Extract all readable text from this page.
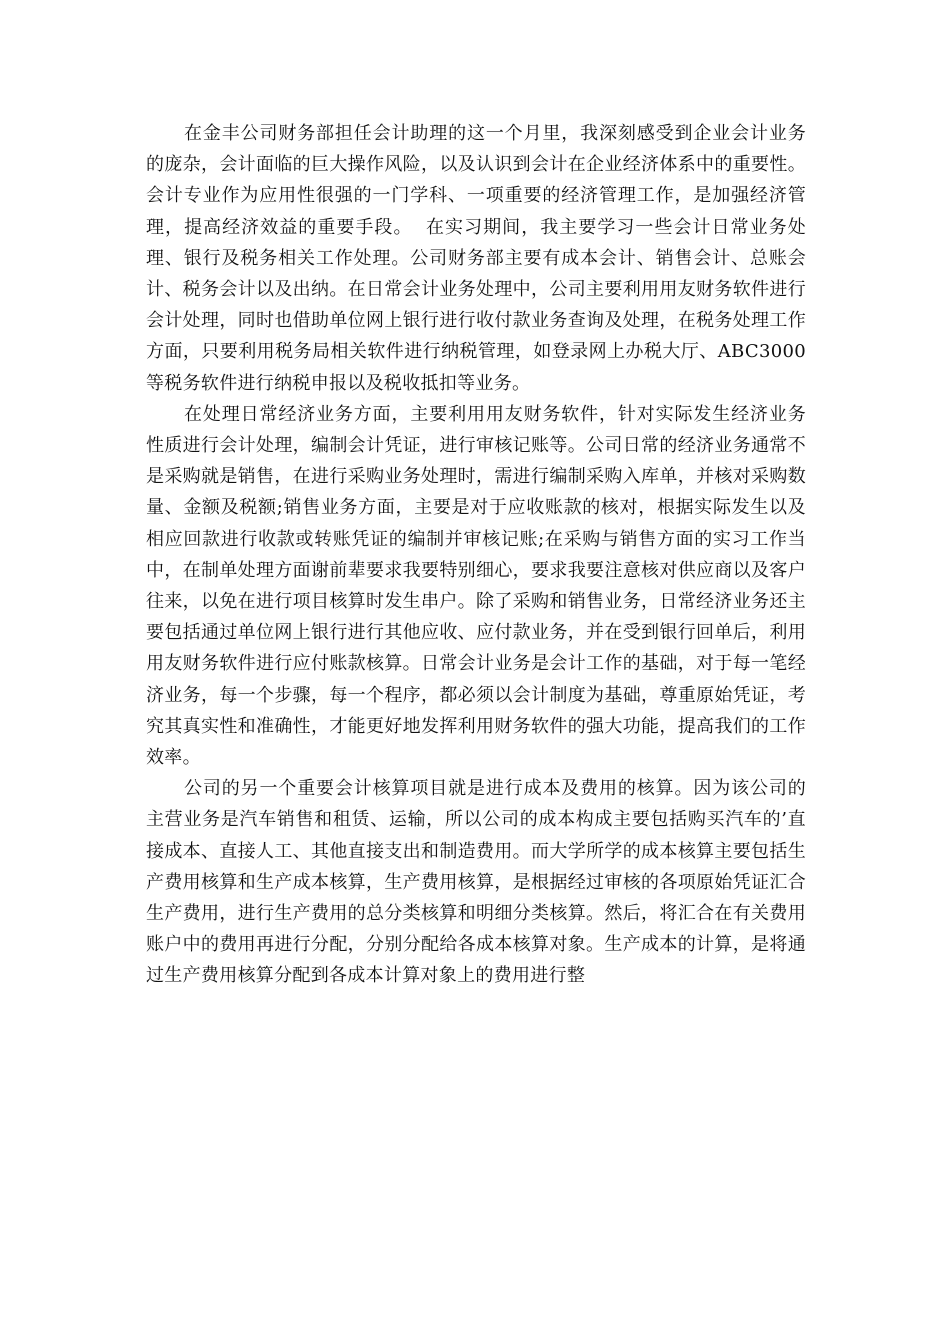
在金丰公司财务部担任会计助理的这一个月里，我深刻感受到企业会计业务的庞杂，会计面临的巨大操作风险，以及认识到会计在企业经济体系中的重要性。会计专业作为应用性很强的一门学科、一项重要的经济管理工作，是加强经济管理，提高经济效益的重要手段。  在实习期间，我主要学习一些会计日常业务处理、银行及税务相关工作处理。公司财务部主要有成本会计、销售会计、总账会计、税务会计以及出纳。在日常会计业务处理中，公司主要利用用友财务软件进行会计处理，同时也借助单位网上银行进行收付款业务查询及处理，在税务处理工作方面，只要利用税务局相关软件进行纳税管理，如登录网上办税大厅、ABC3000等税务软件进行纳税申报以及税收抵扣等业务。

在处理日常经济业务方面，主要利用用友财务软件，针对实际发生经济业务性质进行会计处理，编制会计凭证，进行审核记账等。公司日常的经济业务通常不是采购就是销售，在进行采购业务处理时，需进行编制采购入库单，并核对采购数量、金额及税额;销售业务方面，主要是对于应收账款的核对，根据实际发生以及相应回款进行收款或转账凭证的编制并审核记账;在采购与销售方面的实习工作当中，在制单处理方面谢前辈要求我要特别细心，要求我要注意核对供应商以及客户往来，以免在进行项目核算时发生串户。除了采购和销售业务，日常经济业务还主要包括通过单位网上银行进行其他应收、应付款业务，并在受到银行回单后，利用用友财务软件进行应付账款核算。日常会计业务是会计工作的基础，对于每一笔经济业务，每一个步骤，每一个程序，都必须以会计制度为基础，尊重原始凭证，考究其真实性和准确性，才能更好地发挥利用财务软件的强大功能，提高我们的工作效率。

公司的另一个重要会计核算项目就是进行成本及费用的核算。因为该公司的主营业务是汽车销售和租赁、运输，所以公司的成本构成主要包括购买汽车的’直接成本、直接人工、其他直接支出和制造费用。而大学所学的成本核算主要包括生产费用核算和生产成本核算，生产费用核算，是根据经过审核的各项原始凭证汇合生产费用，进行生产费用的总分类核算和明细分类核算。然后，将汇合在有关费用账户中的费用再进行分配，分别分配给各成本核算对象。生产成本的计算，是将通过生产费用核算分配到各成本计算对象上的费用进行整
